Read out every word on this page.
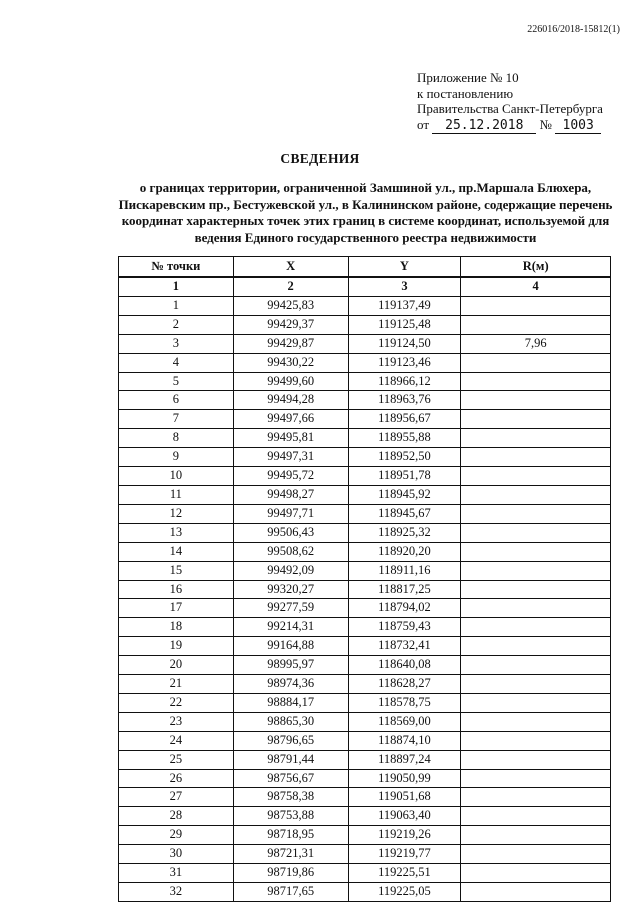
226016/2018-15812(1)
Приложение № 10
к постановлению
Правительства Санкт-Петербурга
от 25.12.2018 № 1003
СВЕДЕНИЯ
о границах территории, ограниченной Замшиной ул., пр.Маршала Блюхера, Пискаревским пр., Бестужевской ул., в Калининском районе, содержащие перечень координат характерных точек этих границ в системе координат, используемой для ведения Единого государственного реестра недвижимости
№ точки	X	Y	R(м)
1	2	3	4
1	99425,83	119137,49	
2	99429,37	119125,48	
3	99429,87	119124,50	7,96
4	99430,22	119123,46	
5	99499,60	118966,12	
6	99494,28	118963,76	
7	99497,66	118956,67	
8	99495,81	118955,88	
9	99497,31	118952,50	
10	99495,72	118951,78	
11	99498,27	118945,92	
12	99497,71	118945,67	
13	99506,43	118925,32	
14	99508,62	118920,20	
15	99492,09	118911,16	
16	99320,27	118817,25	
17	99277,59	118794,02	
18	99214,31	118759,43	
19	99164,88	118732,41	
20	98995,97	118640,08	
21	98974,36	118628,27	
22	98884,17	118578,75	
23	98865,30	118569,00	
24	98796,65	118874,10	
25	98791,44	118897,24	
26	98756,67	119050,99	
27	98758,38	119051,68	
28	98753,88	119063,40	
29	98718,95	119219,26	
30	98721,31	119219,77	
31	98719,86	119225,51	
32	98717,65	119225,05	
